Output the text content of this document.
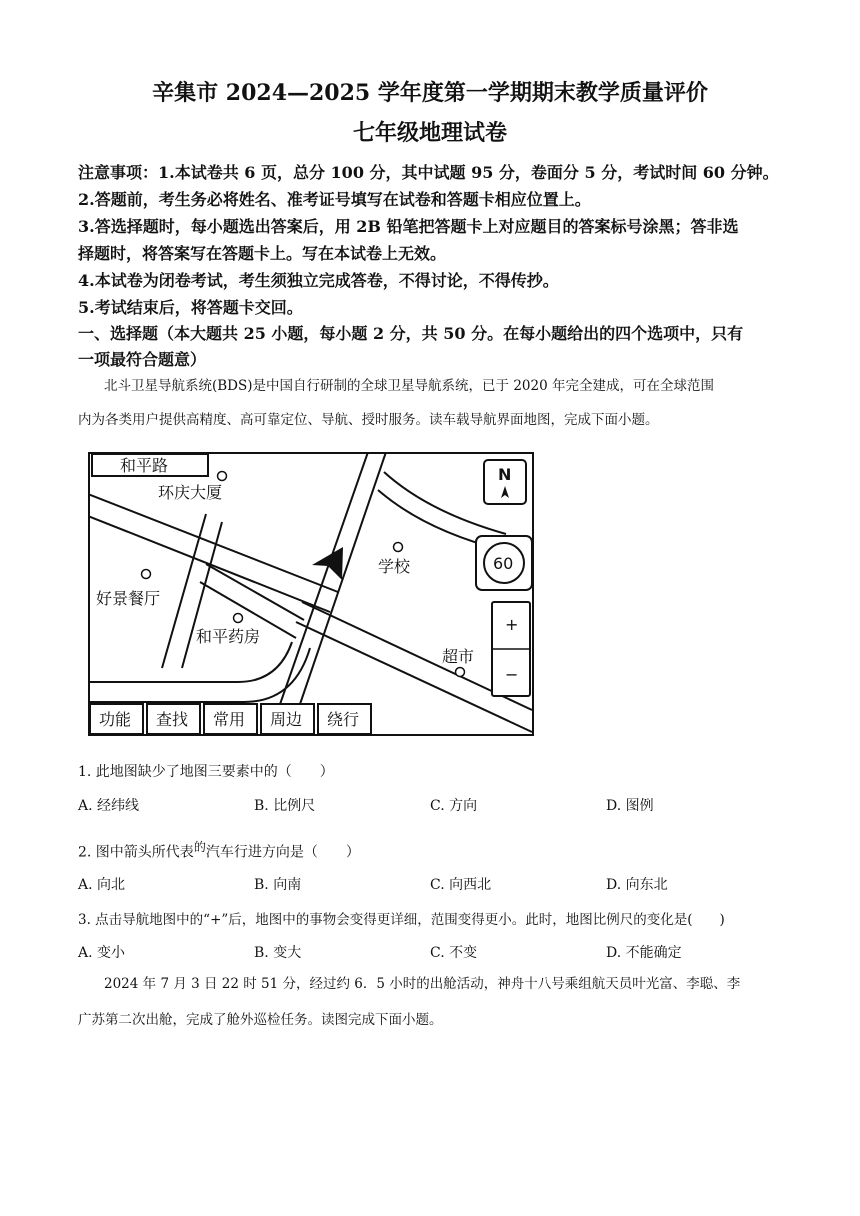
辛集市 2024—2025 学年度第一学期期末教学质量评价
七年级地理试卷
注意事项：1.本试卷共 6 页，总分 100 分，其中试题 95 分，卷面分 5 分，考试时间 60 分钟。
2.答题前，考生务必将姓名、准考证号填写在试卷和答题卡相应位置上。
3.答选择题时，每小题选出答案后，用 2B 铅笔把答题卡上对应题目的答案标号涂黑；答非选
择题时，将答案写在答题卡上。写在本试卷上无效。
4.本试卷为闭卷考试，考生须独立完成答卷，不得讨论，不得传抄。
5.考试结束后，将答题卡交回。
一、选择题（本大题共 25 小题，每小题 2 分，共 50 分。在每小题给出的四个选项中，只有
一项最符合题意）
北斗卫星导航系统(BDS)是中国自行研制的全球卫星导航系统，已于 2020 年完全建成，可在全球范围
内为各类用户提供高精度、高可靠定位、导航、授时服务。读车载导航界面地图，完成下面小题。
和平路	N
60
+
−
环庆大厦
好景餐厅
和平药房
学校
超市
功能 查找 常用 周边 绕行
1. 此地图缺少了地图三要素中的（　　）
A. 经纬线	B. 比例尺	C. 方向	D. 图例
2. 图中箭头所代表$^的$汽车行进方向是（　　）
A. 向北	B. 向南	C. 向西北	D. 向东北
3. 点击导航地图中的“+”后，地图中的事物会变得更详细，范围变得更小。此时，地图比例尺的变化是(　　)
A. 变小	B. 变大	C. 不变	D. 不能确定
2024 年 7 月 3 日 22 时 51 分，经过约 6．5 小时的出舱活动，神舟十八号乘组航天员叶光富、李聪、李
广苏第二次出舱，完成了舱外巡检任务。读图完成下面小题。
